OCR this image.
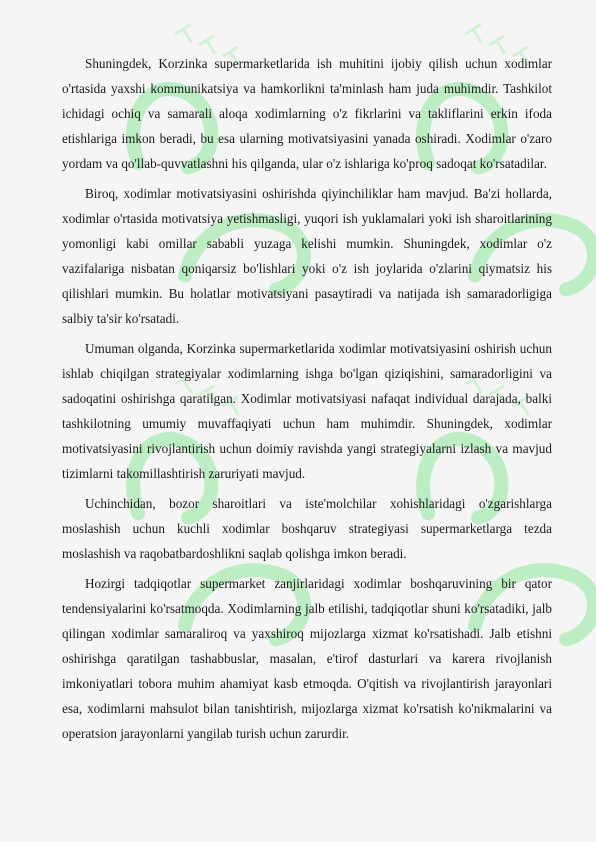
Shuningdek, Korzinka supermarketlarida ish muhitini ijobiy qilish uchun xodimlar o'rtasida yaxshi kommunikatsiya va hamkorlikni ta'minlash ham juda muhimdir. Tashkilot ichidagi ochiq va samarali aloqa xodimlarning o'z fikrlarini va takliflarini erkin ifoda etishlariga imkon beradi, bu esa ularning motivatsiyasini yanada oshiradi. Xodimlar o'zaro yordam va qo'llab-quvvatlashni his qilganda, ular o'z ishlariga ko'proq sadoqat ko'rsatadilar.

Biroq, xodimlar motivatsiyasini oshirishda qiyinchiliklar ham mavjud. Ba'zi hollarda, xodimlar o'rtasida motivatsiya yetishmasligi, yuqori ish yuklamalari yoki ish sharoitlarining yomonligi kabi omillar sababli yuzaga kelishi mumkin. Shuningdek, xodimlar o'z vazifalariga nisbatan qoniqarsiz bo'lishlari yoki o'z ish joylarida o'zlarini qiymatsiz his qilishlari mumkin. Bu holatlar motivatsiyani pasaytiradi va natijada ish samaradorligiga salbiy ta'sir ko'rsatadi.

Umuman olganda, Korzinka supermarketlarida xodimlar motivatsiyasini oshirish uchun ishlab chiqilgan strategiyalar xodimlarning ishga bo'lgan qiziqishini, samaradorligini va sadoqatini oshirishga qaratilgan. Xodimlar motivatsiyasi nafaqat individual darajada, balki tashkilotning umumiy muvaffaqiyati uchun ham muhimdir. Shuningdek, xodimlar motivatsiyasini rivojlantirish uchun doimiy ravishda yangi strategiyalarni izlash va mavjud tizimlarni takomillashtirish zaruriyati mavjud.

Uchinchidan, bozor sharoitlari va iste'molchilar xohishlaridagi o'zgarishlarga moslashish uchun kuchli xodimlar boshqaruv strategiyasi supermarketlarga tezda moslashish va raqobatbardoshlikni saqlab qolishga imkon beradi.

Hozirgi tadqiqotlar supermarket zanjirlaridagi xodimlar boshqaruvining bir qator tendensiyalarini ko'rsatmoqda. Xodimlarning jalb etilishi, tadqiqotlar shuni ko'rsatadiki, jalb qilingan xodimlar samaraliroq va yaxshiroq mijozlarga xizmat ko'rsatishadi. Jalb etishni oshirishga qaratilgan tashabbuslar, masalan, e'tirof dasturlari va karera rivojlanish imkoniyatlari tobora muhim ahamiyat kasb etmoqda. O'qitish va rivojlantirish jarayonlari esa, xodimlarni mahsulot bilan tanishtirish, mijozlarga xizmat ko'rsatish ko'nikmalarini va operatsion jarayonlarni yangilab turish uchun zarurdir.
